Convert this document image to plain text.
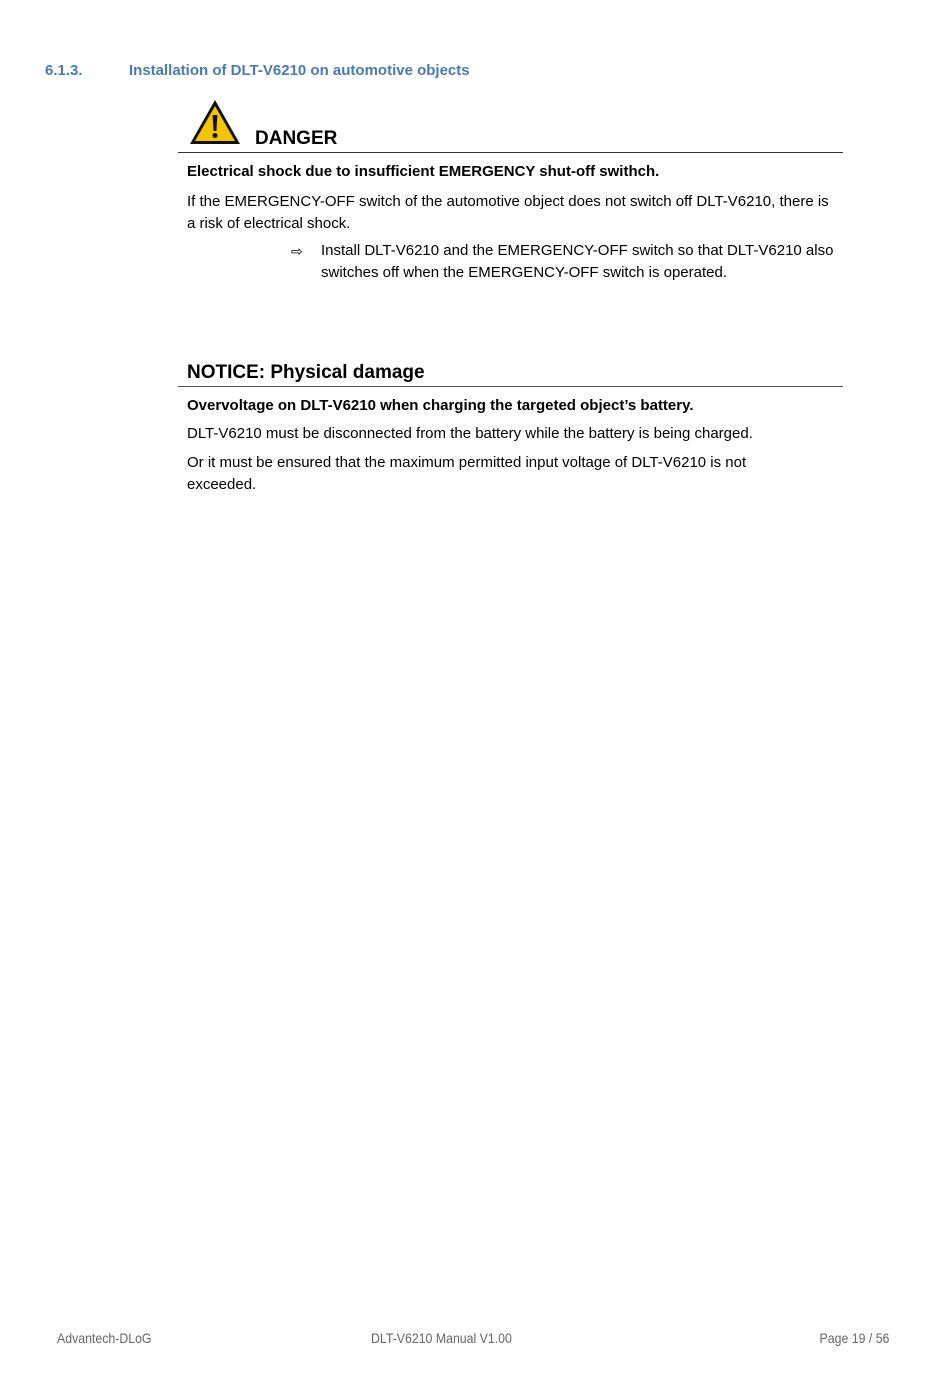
6.1.3.	Installation of DLT-V6210 on automotive objects
DANGER
Electrical shock due to insufficient EMERGENCY shut-off swithch.
If the EMERGENCY-OFF switch of the automotive object does not switch off DLT-V6210, there is a risk of electrical shock.
⇨ Install DLT-V6210 and the EMERGENCY-OFF switch so that DLT-V6210 also switches off when the EMERGENCY-OFF switch is operated.
NOTICE: Physical damage
Overvoltage on DLT-V6210 when charging the targeted object’s battery.
DLT-V6210 must be disconnected from the battery while the battery is being charged.
Or it must be ensured that the maximum permitted input voltage of DLT-V6210 is not exceeded.
Advantech-DLoG	DLT-V6210 Manual V1.00	Page 19 / 56
